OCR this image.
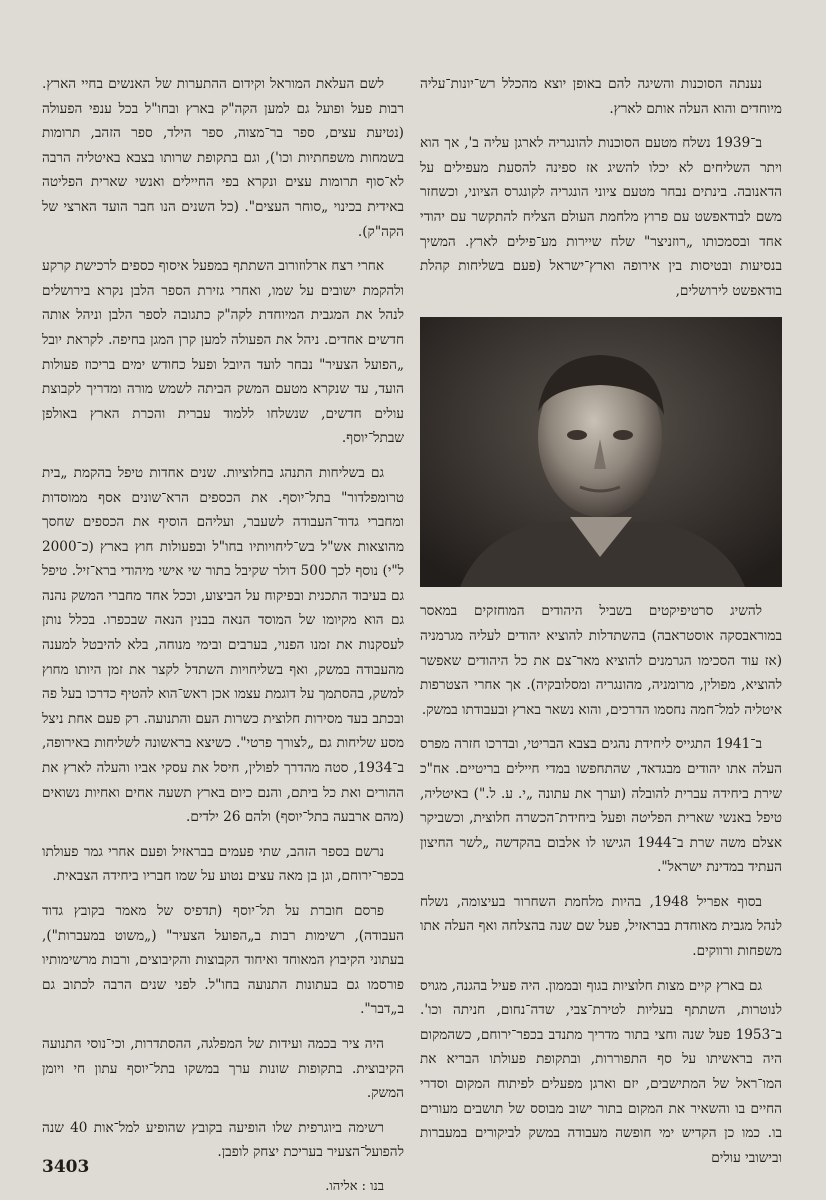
נענתה הסוכנות והשיגה להם באופן יוצא מהכלל רש־יונות־עליה מיוחדים והוא העלה אותם לארץ.

ב־1939 נשלח מטעם הסוכנות להונגריה לארגן עליה ב', אך הוא ויתר השליחים לא יכלו להשיג אז ספינה להסעת מעפילים על הדאנובה. בינתים נבחר מטעם ציוני הונגריה לקונגרס הציוני, וכשחזר משם לבודאפשט עם פרוץ מלחמת העולם הצליח להתקשר עם יהודי אחד ובסמכותו „רוזניצר" שלח שיירות מע־פילים לארץ. המשיך בנסיעות ובטיסות בין אירופה וארץ־ישראל (פעם בשליחות קהלת בודאפשט לירושלים,

להשיג סרטיפיקטים בשביל היהודים המוחזקים במאסר במוראבסקה אוסטראבה) בהשתדלות להוציא יהודים לעליה מגרמניה (אז עוד הסכימו הגרמנים להוציא מאר־צם את כל היהודים שאפשר להוציא, מפולין, מרומניה, מהונגריה ומסלובקיה). אך אחרי הצטרפות איטליה למל־חמה נחסמו הדרכים, והוא נשאר בארץ ובעבודתו במשק.

ב־1941 התגייס ליחידת נהגים בצבא הבריטי, ובדרכו חזרה מפרס העלה אתו יהודים מבגדאד, שהתחפשו במדי חיילים בריטיים. אח"כ שירת ביחידה עברית להובלה (וערך את עתונה „י. ע. ל.") באיטליה, טיפל באנשי שארית הפליטה ופעל ביחידת־הכשרה חלוצית, וכשביקר אצלם משה שרת ב־1944 הגישו לו אלבום בהקדשה „לשר החיצון העתיד במדינת ישראל".

בסוף אפריל 1948, בהיות מלחמת השחרור בעיצומה, נשלח לנהל מגבית מאוחדת בבראזיל, פעל שם שנה בהצלחה ואף העלה אתו משפחות ורווקים.

גם בארץ קיים מצות חלוציות בגוף ובממון. היה פעיל בהגנה, מגויס לנוטרות, השתתף בעליות לטירת־צבי, שדה־נחום, חניתה וכו'. ב־1953 פעל שנה וחצי בתור מדריך מתנדב בכפר־ירוחם, כשהמקום היה בראשיתו על סף התפוררות, ובתקופת פעולתו הבריא את המו־ראל של המתישבים, יזם וארגן מפעלים לפיתוח המקום וסדרי החיים בו והשאיר את המקום בתור ישוב מבוסס של תושבים מעורים בו. כמו כן הקדיש ימי חופשה מעבודה במשק לביקורים במעברות ובישובי עולים

לשם העלאת המוראל וקידום ההתערות של האנשים בחיי הארץ. רבות פעל ופועל גם למען הקה"ק בארץ ובחו"ל בכל ענפי הפעולה (נטיעת עצים, ספר בר־מצוה, ספר הילד, ספר הזהב, תרומות בשמחות משפחתיות וכו'), וגם בתקופת שרותו בצבא באיטליה הרבה לא־סוף תרומות עצים ונקרא בפי החיילים ואנשי שארית הפליטה באידית בכינוי „סוחר העצים". (כל השנים הנו חבר הועד הארצי של הקה"ק).

אחרי רצח ארלוזורוב השתתף במפעל איסוף כספים לרכישת קרקע ולהקמת ישובים על שמו, ואחרי גזירת הספר הלבן נקרא בירושלים לנהל את המגבית המיוחדת לקה"ק כתגובה לספר הלבן וניהל אותה חדשים אחדים. ניהל את הפעולה למען קרן המגן בחיפה. לקראת יובל „הפועל הצעיר" נבחר לועד היובל ופעל כחודש ימים בריכוז פעולות הועד, עד שנקרא מטעם המשק הביתה לשמש מורה ומדריך לקבוצת עולים חדשים, שנשלחו ללמוד עברית והכרת הארץ באולפן שבתל־יוסף.

גם בשליחות התנהג בחלוציות. שנים אחדות טיפל בהקמת „בית טרומפלדור" בתל־יוסף. את הכספים הרא־שונים אסף ממוסדות ומחברי גדוד־העבודה לשעבר, ועליהם הוסיף את הכספים שחסך מהוצאות אש"ל בש־ליחויותיו בחו"ל ובפעולות חוץ בארץ (כ־2000 ל"י) נוסף לכך 500 דולר שקיבל בתור שי אישי מיהודי ברא־זיל. טיפל גם בעיבוד התכנית ובפיקוח על הביצוע, וככל אחד מחברי המשק נהנה גם הוא מקיומו של המוסד הנאה בבנין הנאה שבכפרו. בכלל נותן לעסקנות את זמנו הפנוי, בערבים ובימי מנוחה, בלא להיבטל למענה מהעבודה במשק, ואף בשליחויות השתדל לקצר את זמן היותו מחוץ למשק, בהסתמך על דוגמת עצמו אכן ראש־הוא להטיף כדרכו בעל פה ובכתב בעד מסירות חלוצית כשרות העם והתנועה. רק פעם אחת ניצל מסע שליחות גם „לצורך פרטי". כשיצא בראשונה לשליחות באירופה, ב־1934, סטה מהדרך לפולין, חיסל את עסקי אביו והעלה לארץ את ההורים ואת כל ביתם, והנם כיום בארץ תשעה אחים ואחיות נשואים (מהם ארבעה בתל־יוסף) ולהם 26 ילדים.

נרשם בספר הזהב, שתי פעמים בבראזיל ופעם אחרי גמר פעולתו בכפר־ירוחם, וגן בן מאה עצים נטוע על שמו חבריו ביחידה הצבאית.

פרסם חוברת על תל־יוסף (תדפיס של מאמר בקובץ גדוד העבודה), רשימות רבות ב„הפועל הצעיר" („משוט במעברות"), בעתוני הקיבוץ המאוחד ואיחוד הקבוצות והקיבוצים, ורבות מרשימותיו פורסמו גם בעתונות התנועה בחו"ל. לפני שנים הרבה לכתוב גם ב„דבר".

היה ציר בכמה ועידות של המפלגה, ההסתדרות, וכי־נוסי התנועה הקיבוצית. בתקופות שונות ערך במשקו בתל־יוסף עתון חי ויומן המשק.

רשימה ביוגרפית שלו הופיעה בקובץ שהופיע למל־אות 40 שנה להפועל־הצעיר בעריכת יצחק לופבן.

בנו : אליהו.
3403
